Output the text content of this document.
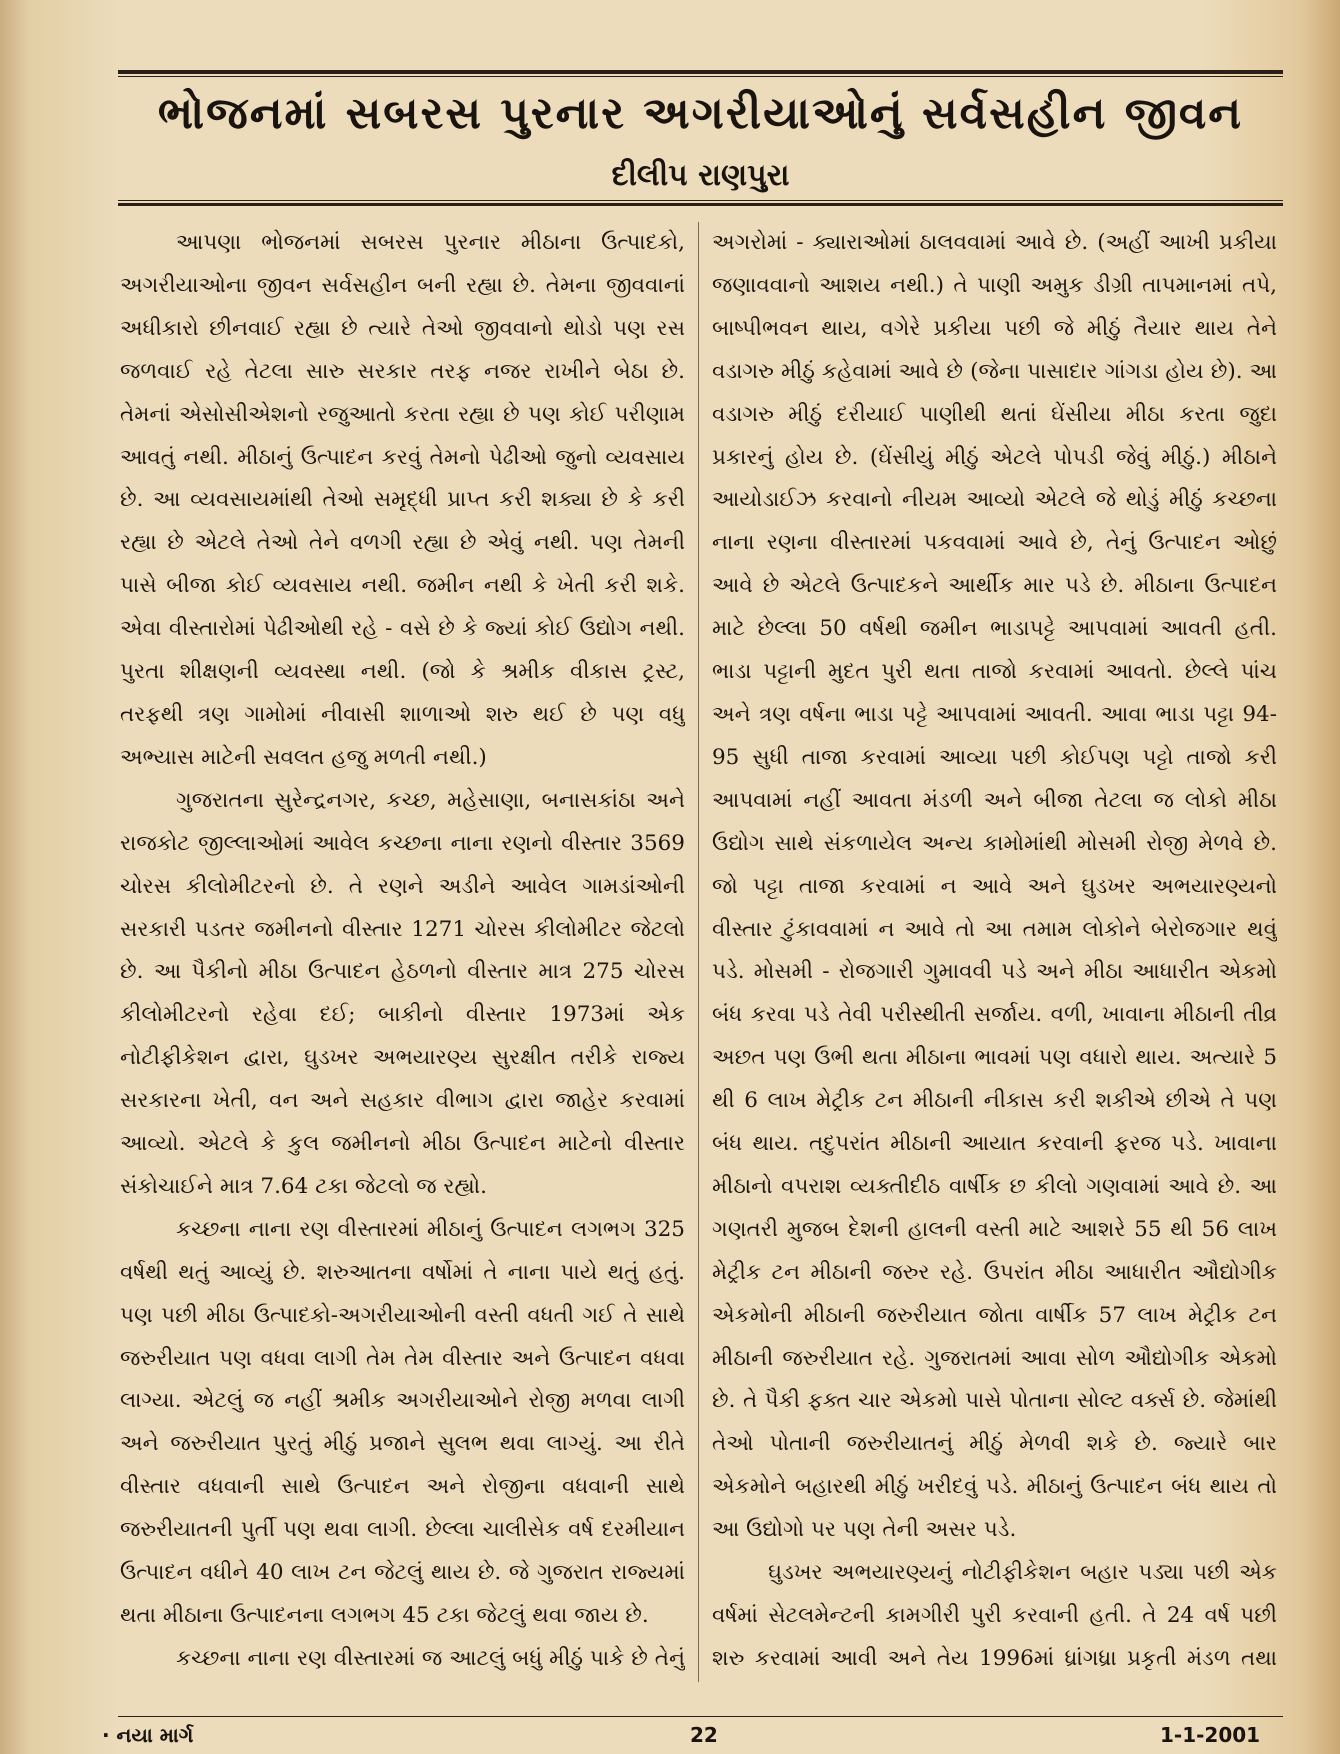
ભોજનમાં સબરસ પુરનાર અગરીયાઓનું સર્વસહીન જીવન
દીલીપ રાણપુરા

આપણા ભોજનમાં સબરસ પુરનાર મીઠાના ઉત્પાદકો, અગરીયાઓના જીવન સર્વસહીન બની રહ્યા છે. તેમના જીવવાનાં અધીકારો છીનવાઈ રહ્યા છે ત્યારે તેઓ જીવવાનો થોડો પણ રસ જળવાઈ રહે તેટલા સારુ સરકાર તરફ નજર રાખીને બેઠા છે. તેમનાં એસોસીએશનો રજુઆતો કરતા રહ્યા છે પણ કોઈ પરીણામ આવતું નથી. મીઠાનું ઉત્પાદન કરવું તેમનો પેઢીઓ જુનો વ્યવસાય છે. આ વ્યવસાયમાંથી તેઓ સમૃદ્ધી પ્રાપ્ત કરી શક્યા છે કે કરી રહ્યા છે એટલે તેઓ તેને વળગી રહ્યા છે એવું નથી. પણ તેમની પાસે બીજા કોઈ વ્યવસાય નથી. જમીન નથી કે ખેતી કરી શકે. એવા વીસ્તારોમાં પેઢીઓથી રહે - વસે છે કે જ્યાં કોઈ ઉદ્યોગ નથી. પુરતા શીક્ષણની વ્યવસ્થા નથી. (જો કે શ્રમીક વીકાસ ટ્રસ્ટ, તરફથી ત્રણ ગામોમાં નીવાસી શાળાઓ શરુ થઈ છે પણ વધુ અભ્યાસ માટેની સવલત હજુ મળતી નથી.)

ગુજરાતના સુરેન્દ્રનગર, કચ્છ, મહેસાણા, બનાસકાંઠા અને રાજકોટ જીલ્લાઓમાં આવેલ કચ્છના નાના રણનો વીસ્તાર 3569 ચોરસ કીલોમીટરનો છે. તે રણને અડીને આવેલ ગામડાંઓની સરકારી પડતર જમીનનો વીસ્તાર 1271 ચોરસ કીલોમીટર જેટલો છે. આ પૈકીનો મીઠા ઉત્પાદન હેઠળનો વીસ્તાર માત્ર 275 ચોરસ કીલોમીટરનો રહેવા દઈ; બાકીનો વીસ્તાર 1973માં એક નોટીફીકેશન દ્વારા, ઘુડખર અભયારણ્ય સુરક્ષીત તરીકે રાજ્ય સરકારના ખેતી, વન અને સહકાર વીભાગ દ્વારા જાહેર કરવામાં આવ્યો. એટલે કે કુલ જમીનનો મીઠા ઉત્પાદન માટેનો વીસ્તાર સંકોચાઈને માત્ર 7.64 ટકા જેટલો જ રહ્યો.

કચ્છના નાના રણ વીસ્તારમાં મીઠાનું ઉત્પાદન લગભગ 325 વર્ષથી થતું આવ્યું છે. શરુઆતના વર્ષોમાં તે નાના પાયે થતું હતું. પણ પછી મીઠા ઉત્પાદકો-અગરીયાઓની વસ્તી વધતી ગઈ તે સાથે જરુરીયાત પણ વધવા લાગી તેમ તેમ વીસ્તાર અને ઉત્પાદન વધવા લાગ્યા. એટલું જ નહીં શ્રમીક અગરીયાઓને રોજી મળવા લાગી અને જરુરીયાત પુરતું મીઠું પ્રજાને સુલભ થવા લાગ્યું. આ રીતે વીસ્તાર વધવાની સાથે ઉત્પાદન અને રોજીના વધવાની સાથે જરુરીયાતની પુર્તી પણ થવા લાગી. છેલ્લા ચાલીસેક વર્ષ દરમીયાન ઉત્પાદન વધીને 40 લાખ ટન જેટલું થાય છે. જે ગુજરાત રાજ્યમાં થતા મીઠાના ઉત્પાદનના લગભગ 45 ટકા જેટલું થવા જાય છે.

કચ્છના નાના રણ વીસ્તારમાં જ આટલું બધું મીઠું પાકે છે તેનું

અગરોમાં - ક્યારાઓમાં ઠાલવવામાં આવે છે. (અહીં આખી પ્રકીયા જણાવવાનો આશય નથી.) તે પાણી અમુક ડીગ્રી તાપમાનમાં તપે, બાષ્પીભવન થાય, વગેરે પ્રકીયા પછી જે મીઠું તૈયાર થાય તેને વડાગરુ મીઠું કહેવામાં આવે છે (જેના પાસાદાર ગાંગડા હોય છે). આ વડાગરુ મીઠું દરીયાઈ પાણીથી થતાં ઘેંસીયા મીઠા કરતા જુદા પ્રકારનું હોય છે. (ઘેંસીયું મીઠું એટલે પોપડી જેવું મીઠું.) મીઠાને આયોડાઈઝ કરવાનો નીયમ આવ્યો એટલે જે થોડું મીઠું કચ્છના નાના રણના વીસ્તારમાં પકવવામાં આવે છે, તેનું ઉત્પાદન ઓછું આવે છે એટલે ઉત્પાદકને આર્થીક માર પડે છે. મીઠાના ઉત્પાદન માટે છેલ્લા 50 વર્ષથી જમીન ભાડાપટ્ટે આપવામાં આવતી હતી. ભાડા પટ્ટાની મુદત પુરી થતા તાજો કરવામાં આવતો. છેલ્લે પાંચ અને ત્રણ વર્ષના ભાડા પટ્ટે આપવામાં આવતી. આવા ભાડા પટ્ટા 94-95 સુધી તાજા કરવામાં આવ્યા પછી કોઈપણ પટ્ટો તાજો કરી આપવામાં નહીં આવતા મંડળી અને બીજા તેટલા જ લોકો મીઠા ઉદ્યોગ સાથે સંકળાયેલ અન્ય કામોમાંથી મોસમી રોજી મેળવે છે. જો પટ્ટા તાજા કરવામાં ન આવે અને ઘુડખર અભયારણ્યનો વીસ્તાર ટુંકાવવામાં ન આવે તો આ તમામ લોકોને બેરોજગાર થવું પડે. મોસમી - રોજગારી ગુમાવવી પડે અને મીઠા આધારીત એકમો બંધ કરવા પડે તેવી પરીસ્થીતી સર્જાય. વળી, ખાવાના મીઠાની તીવ્ર અછત પણ ઉભી થતા મીઠાના ભાવમાં પણ વધારો થાય. અત્યારે 5 થી 6 લાખ મેટ્રીક ટન મીઠાની નીકાસ કરી શકીએ છીએ તે પણ બંધ થાય. તદુપરાંત મીઠાની આયાત કરવાની ફરજ પડે. ખાવાના મીઠાનો વપરાશ વ્યક્તીદીઠ વાર્ષીક છ કીલો ગણવામાં આવે છે. આ ગણતરી મુજબ દેશની હાલની વસ્તી માટે આશરે 55 થી 56 લાખ મેટ્રીક ટન મીઠાની જરુર રહે. ઉપરાંત મીઠા આધારીત ઔદ્યોગીક એકમોની મીઠાની જરુરીયાત જોતા વાર્ષીક 57 લાખ મેટ્રીક ટન મીઠાની જરુરીયાત રહે. ગુજરાતમાં આવા સોળ ઔદ્યોગીક એકમો છે. તે પૈકી ફક્ત ચાર એકમો પાસે પોતાના સોલ્ટ વર્ક્સ છે. જેમાંથી તેઓ પોતાની જરુરીયાતનું મીઠું મેળવી શકે છે. જ્યારે બાર એકમોને બહારથી મીઠું ખરીદવું પડે. મીઠાનું ઉત્પાદન બંધ થાય તો આ ઉદ્યોગો પર પણ તેની અસર પડે.

ઘુડખર અભયારણ્યનું નોટીફીકેશન બહાર પડ્યા પછી એક વર્ષમાં સેટલમેન્ટની કામગીરી પુરી કરવાની હતી. તે 24 વર્ષ પછી શરુ કરવામાં આવી અને તેય 1996માં ધ્રાંગધ્રા પ્રકૃતી મંડળ તથા

· નયા માર્ગ	22	1-1-2001
